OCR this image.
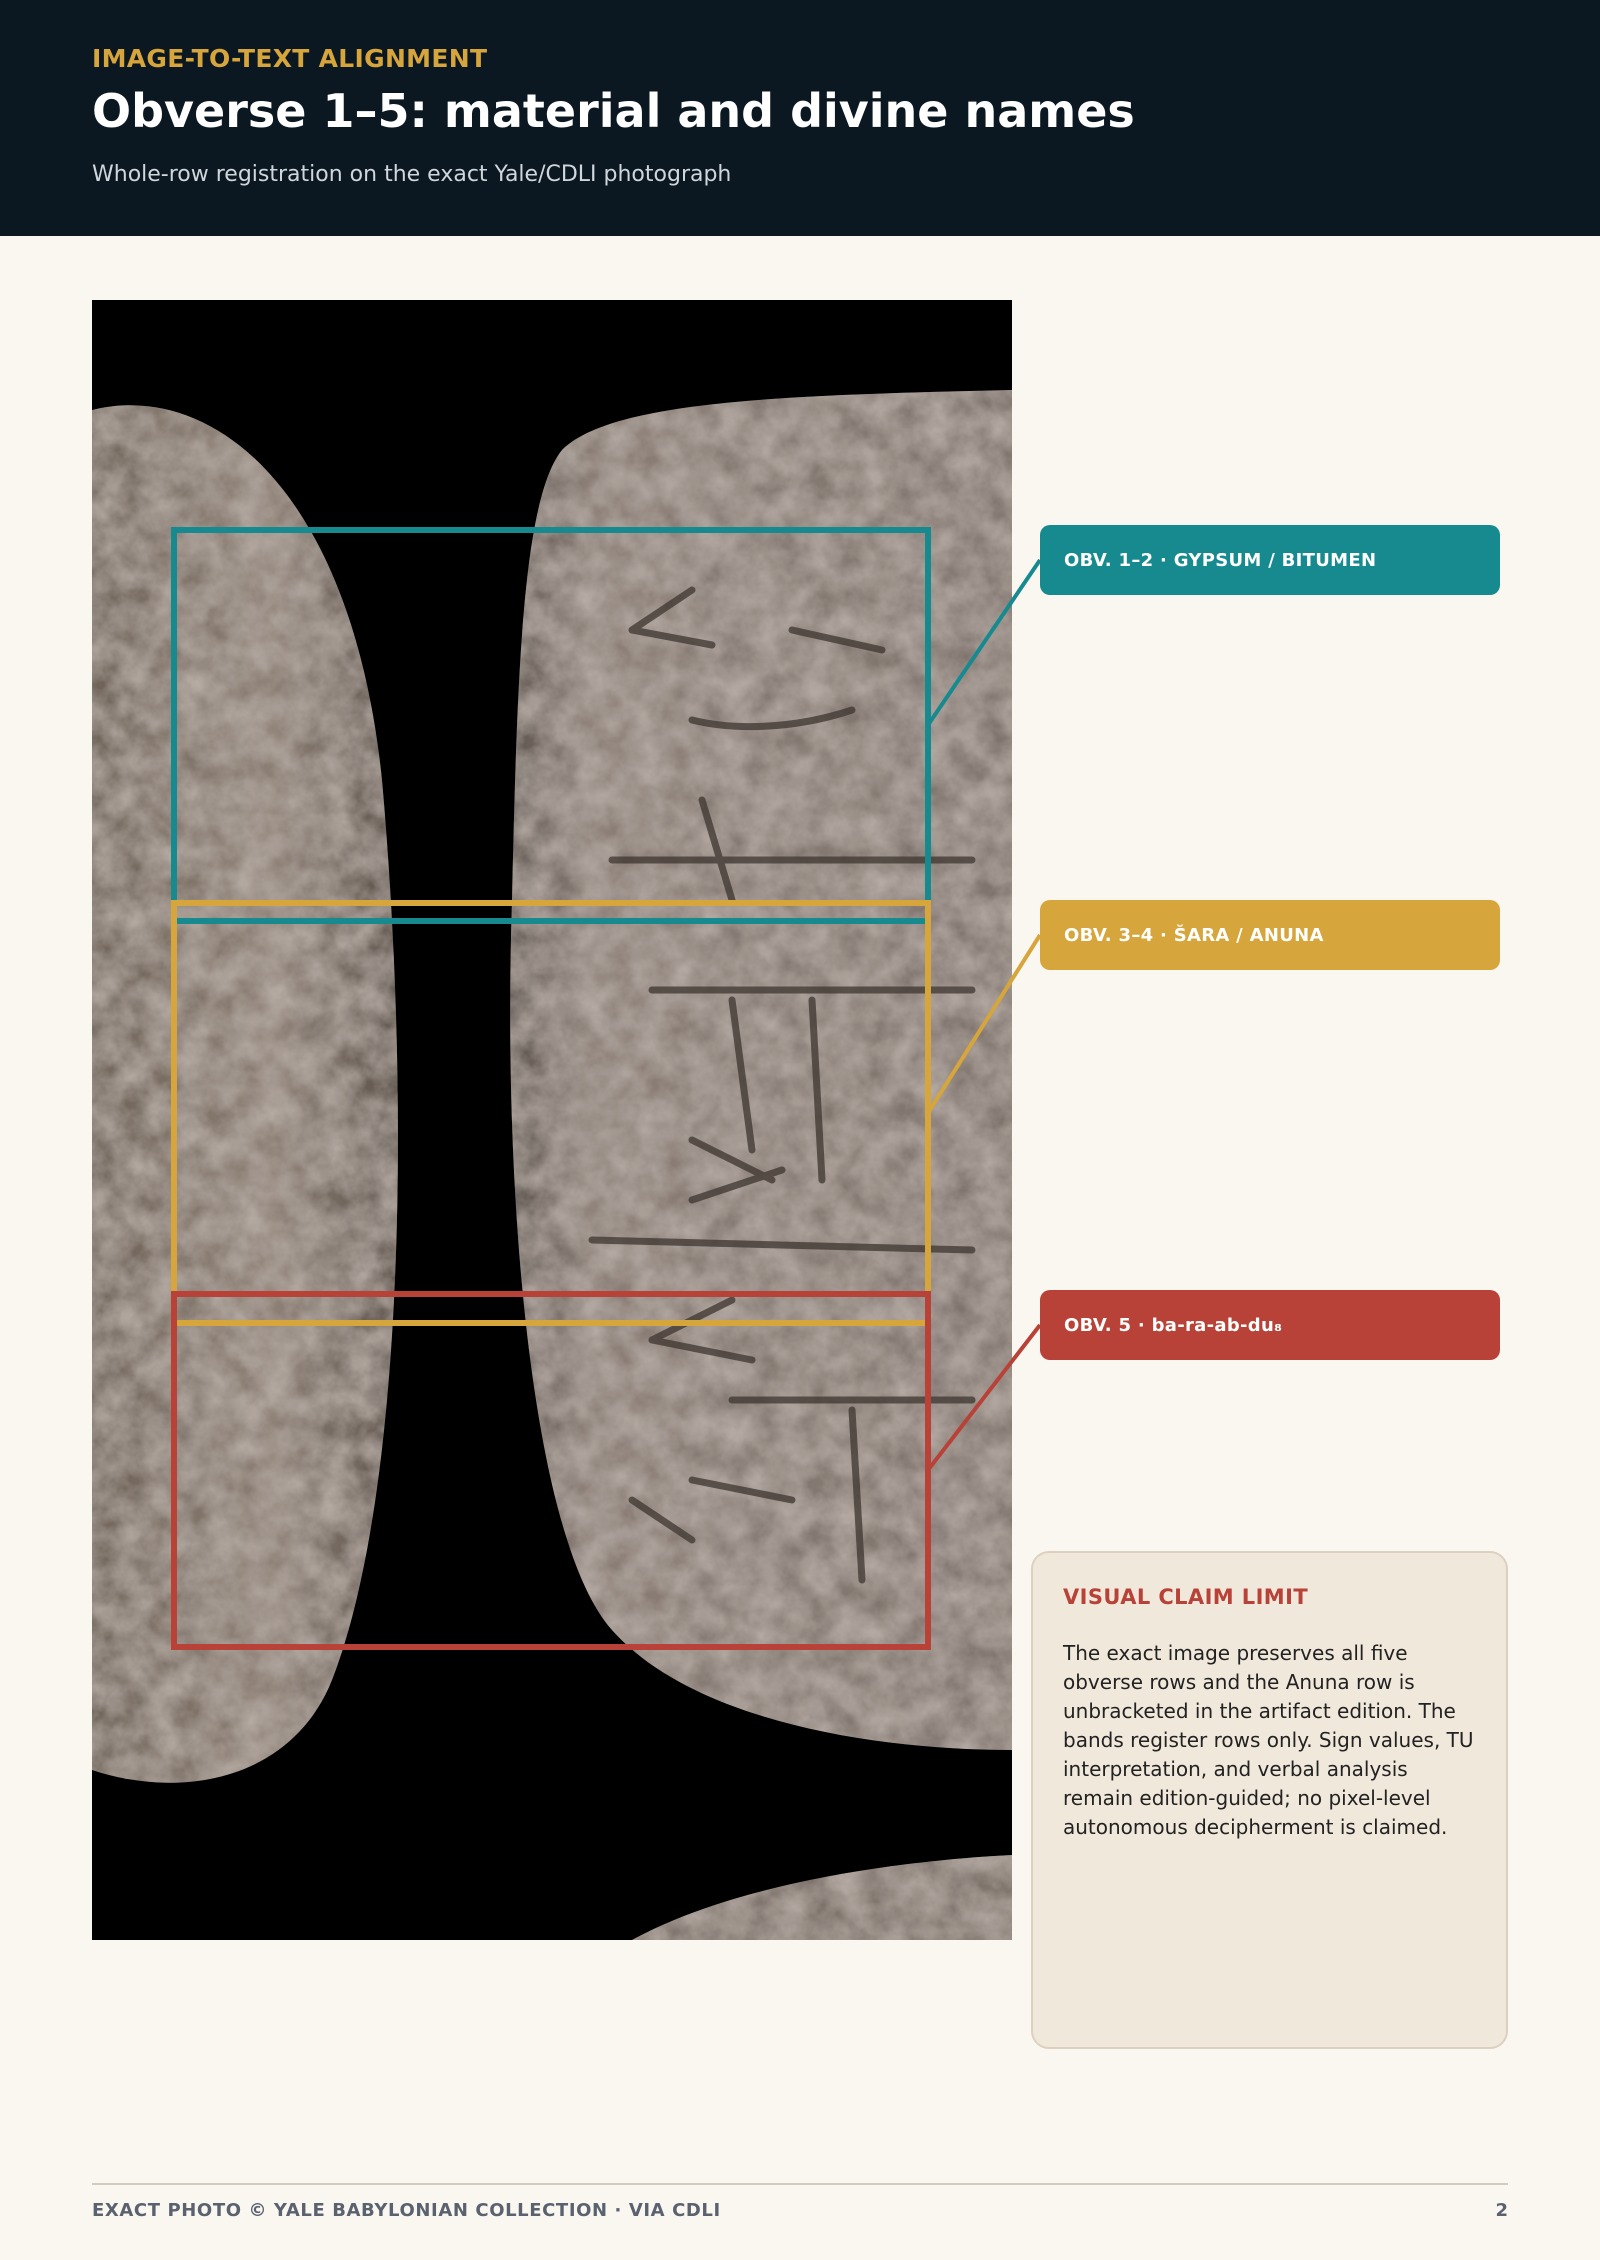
IMAGE-TO-TEXT ALIGNMENT
Obverse 1–5: material and divine names
Whole-row registration on the exact Yale/CDLI photograph
OBV. 1–2 · GYPSUM / BITUMEN
OBV. 3–4 · ŠARA / ANUNA
OBV. 5 · ba-ra-ab-du₈
VISUAL CLAIM LIMIT
The exact image preserves all five obverse rows and the Anuna row is unbracketed in the artifact edition. The bands register rows only. Sign values, TU interpretation, and verbal analysis remain edition-guided; no pixel-level autonomous decipherment is claimed.
EXACT PHOTO © YALE BABYLONIAN COLLECTION · VIA CDLI	2
